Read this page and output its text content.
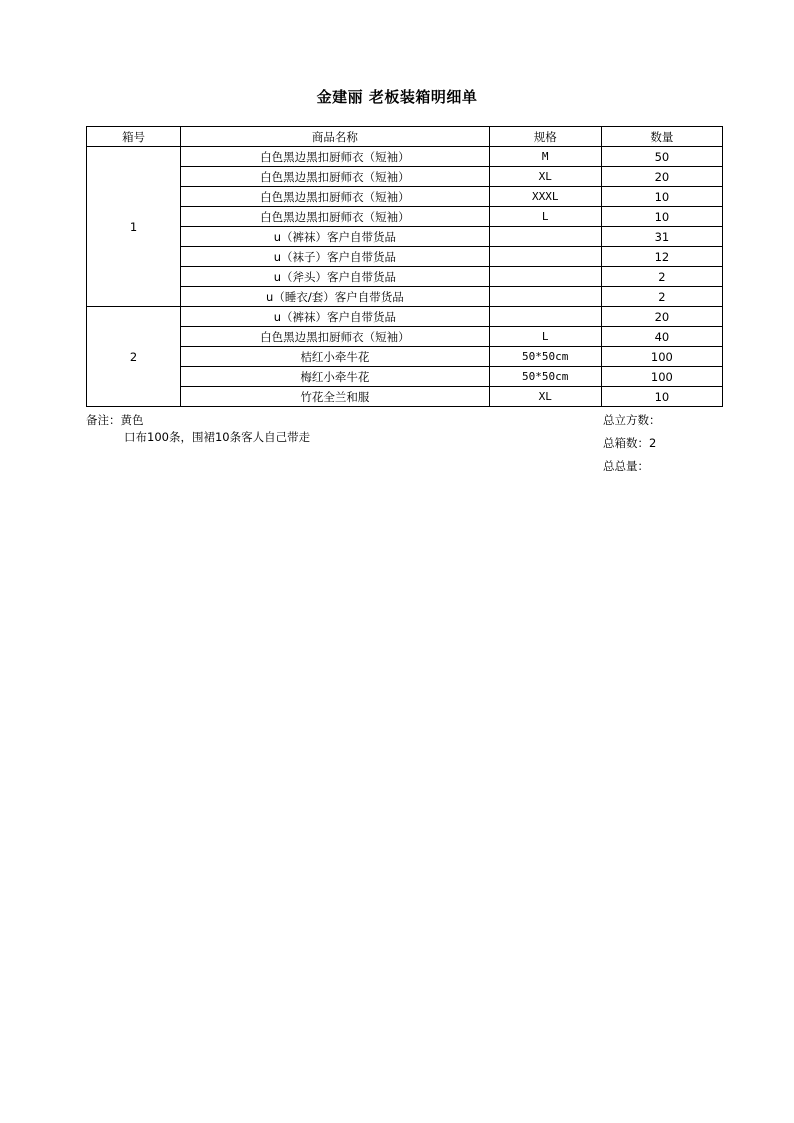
金建丽 老板装箱明细单
箱号	商品名称	规格	数量
1	白色黑边黑扣厨师衣（短袖）	M	50
	白色黑边黑扣厨师衣（短袖）	XL	20
	白色黑边黑扣厨师衣（短袖）	XXXL	10
	白色黑边黑扣厨师衣（短袖）	L	10
	u（裤袜）客户自带货品		31
	u（袜子）客户自带货品		12
	u（斧头）客户自带货品		2
	u（睡衣/套）客户自带货品		2
2	u（裤袜）客户自带货品		20
	白色黑边黑扣厨师衣（短袖）	L	40
	桔红小牵牛花	50*50cm	100
	梅红小牵牛花	50*50cm	100
	竹花全兰和服	XL	10
备注：黄色
口布100条，围裙10条客人自己带走
总立方数：
总箱数：2
总总量：
